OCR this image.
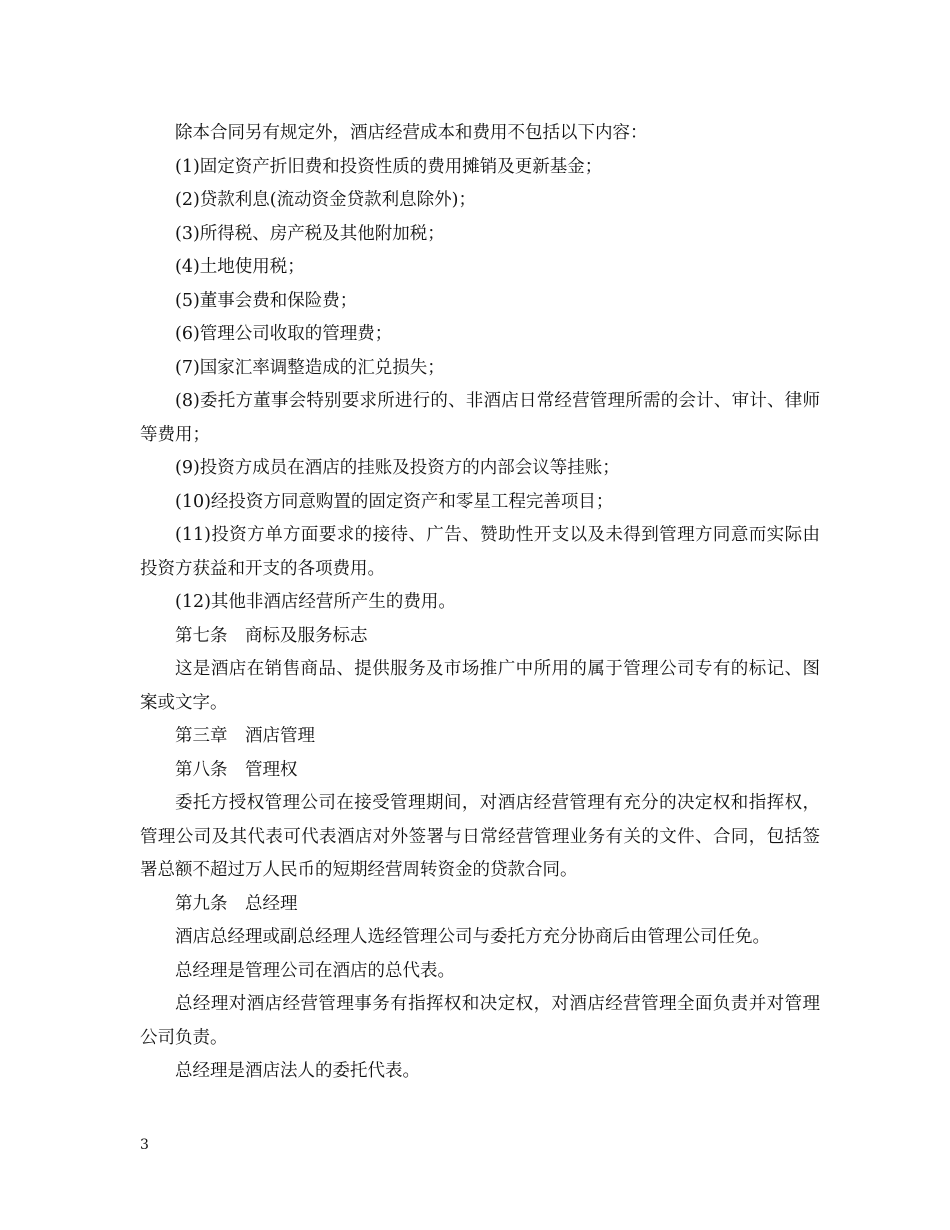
除本合同另有规定外，酒店经营成本和费用不包括以下内容：

(1)固定资产折旧费和投资性质的费用摊销及更新基金；

(2)贷款利息(流动资金贷款利息除外)；

(3)所得税、房产税及其他附加税；

(4)土地使用税；

(5)董事会费和保险费；

(6)管理公司收取的管理费；

(7)国家汇率调整造成的汇兑损失；

(8)委托方董事会特别要求所进行的、非酒店日常经营管理所需的会计、审计、律师等费用；

(9)投资方成员在酒店的挂账及投资方的内部会议等挂账；

(10)经投资方同意购置的固定资产和零星工程完善项目；

(11)投资方单方面要求的接待、广告、赞助性开支以及未得到管理方同意而实际由投资方获益和开支的各项费用。

(12)其他非酒店经营所产生的费用。

第七条　商标及服务标志

这是酒店在销售商品、提供服务及市场推广中所用的属于管理公司专有的标记、图案或文字。

第三章　酒店管理

第八条　管理权

委托方授权管理公司在接受管理期间，对酒店经营管理有充分的决定权和指挥权，管理公司及其代表可代表酒店对外签署与日常经营管理业务有关的文件、合同，包括签署总额不超过万人民币的短期经营周转资金的贷款合同。

第九条　总经理

酒店总经理或副总经理人选经管理公司与委托方充分协商后由管理公司任免。

总经理是管理公司在酒店的总代表。

总经理对酒店经营管理事务有指挥权和决定权，对酒店经营管理全面负责并对管理公司负责。

总经理是酒店法人的委托代表。

3
